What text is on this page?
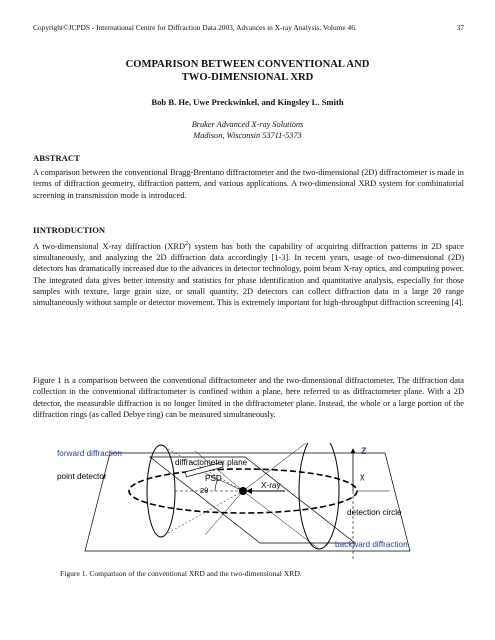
Copyright©JCPDS - International Centre for Diffraction Data 2003, Advances in X-ray Analysis, Volume 46.	37
COMPARISON BETWEEN CONVENTIONAL AND
TWO-DIMENSIONAL XRD
Bob B. He, Uwe Preckwinkel, and Kingsley L. Smith
Bruker Advanced X-ray Solutions
Madison, Wisconsin 53711-5373
ABSTRACT

A comparison between the conventional Bragg-Brentano diffractometer and the two-dimensional (2D) diffractometer is made in terms of diffraction geometry, diffraction pattern, and various applications. A two-dimensional XRD system for combinatorial screening in transmission mode is introduced.

IINTRODUCTION

A two-dimensional X-ray diffraction (XRD$^2$) system has both the capability of acquiring diffraction patterns in 2D space simultaneously, and analyzing the 2D diffraction data accordingly [1-3]. In recent years, usage of two-dimensional (2D) detectors has dramatically increased due to the advances in detector technology, point beam X-ray optics, and computing power. The integrated data gives better intensity and statistics for phase identification and quantitative analysis, especially for those samples with texture, large grain size, or small quantity. 2D detectors can collect diffraction data in a large 2θ range simultaneously without sample or detector movement. This is extremely important for high-throughput diffraction screening [4].

Figure 1 is a comparison between the conventional diffractometer and the two-dimensional diffractometer. The diffraction data collection in the conventional diffractometer is confined within a plane, here referred to as diffractometer plane. With a 2D detector, the measurable diffraction is no longer limited in the diffractometer plane. Instead, the whole or a large portion of the diffraction rings (as called Debye ring) can be measured simultaneously.

forward diffraction
diffractometer plane
point detector	PSD
2θ
X-ray
Z
χ
detection circle
backward diffraction
Figure 1. Comparison of the conventional XRD and the two-dimensional XRD.
